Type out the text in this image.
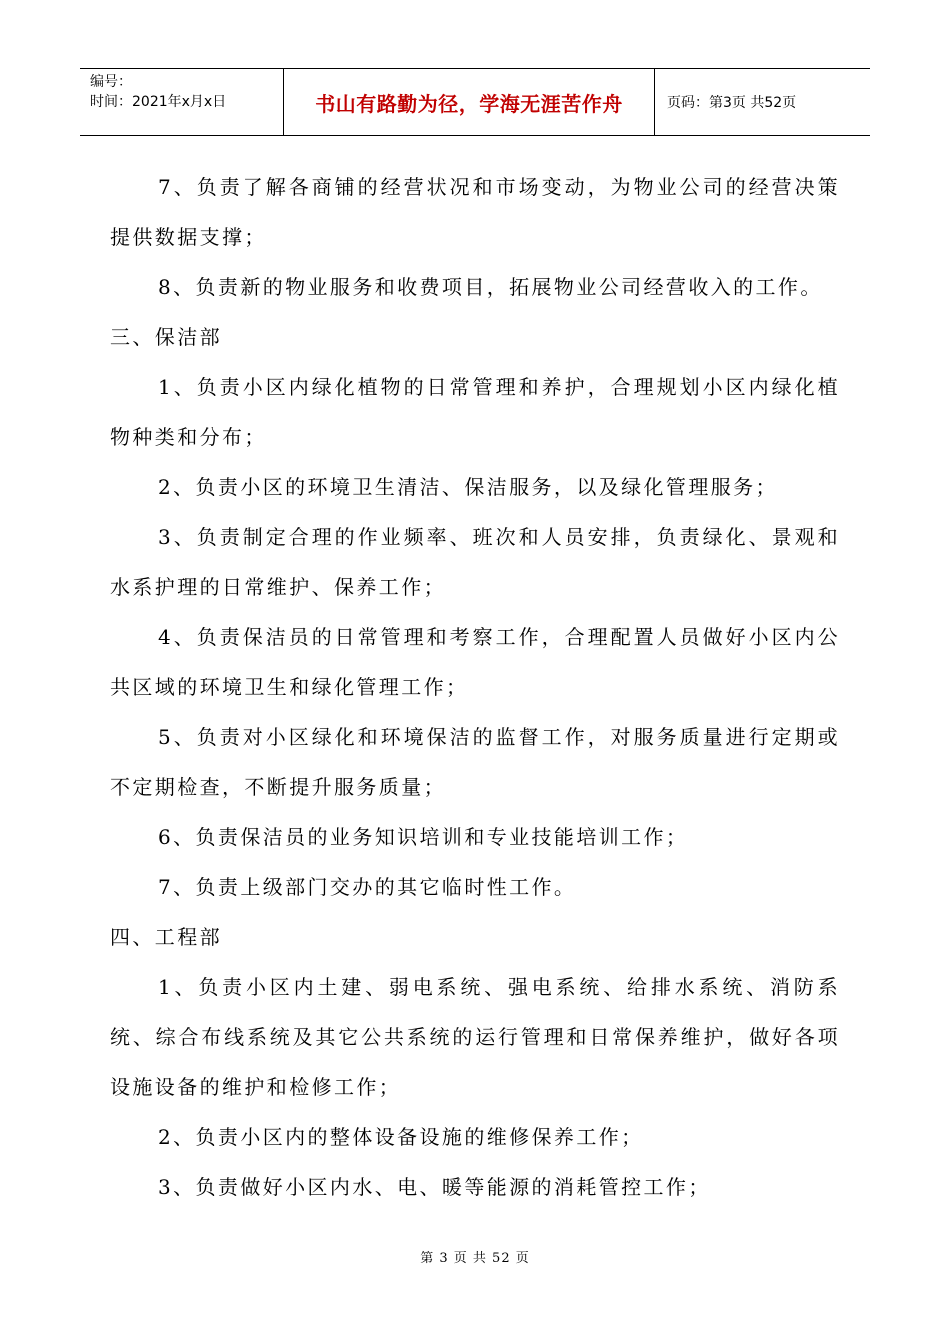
编号：
时间：2021年x月x日	书山有路勤为径，学海无涯苦作舟	页码：第3页 共52页

7、负责了解各商铺的经营状况和市场变动，为物业公司的经营决策提供数据支撑；

8、负责新的物业服务和收费项目，拓展物业公司经营收入的工作。

三、保洁部

1、负责小区内绿化植物的日常管理和养护，合理规划小区内绿化植物种类和分布；

2、负责小区的环境卫生清洁、保洁服务，以及绿化管理服务；

3、负责制定合理的作业频率、班次和人员安排，负责绿化、景观和水系护理的日常维护、保养工作；

4、负责保洁员的日常管理和考察工作，合理配置人员做好小区内公共区域的环境卫生和绿化管理工作；

5、负责对小区绿化和环境保洁的监督工作，对服务质量进行定期或不定期检查，不断提升服务质量；

6、负责保洁员的业务知识培训和专业技能培训工作；

7、负责上级部门交办的其它临时性工作。

四、工程部

1、负责小区内土建、弱电系统、强电系统、给排水系统、消防系统、综合布线系统及其它公共系统的运行管理和日常保养维护，做好各项设施设备的维护和检修工作；

2、负责小区内的整体设备设施的维修保养工作；

3、负责做好小区内水、电、暖等能源的消耗管控工作；

第 3 页 共 52 页
